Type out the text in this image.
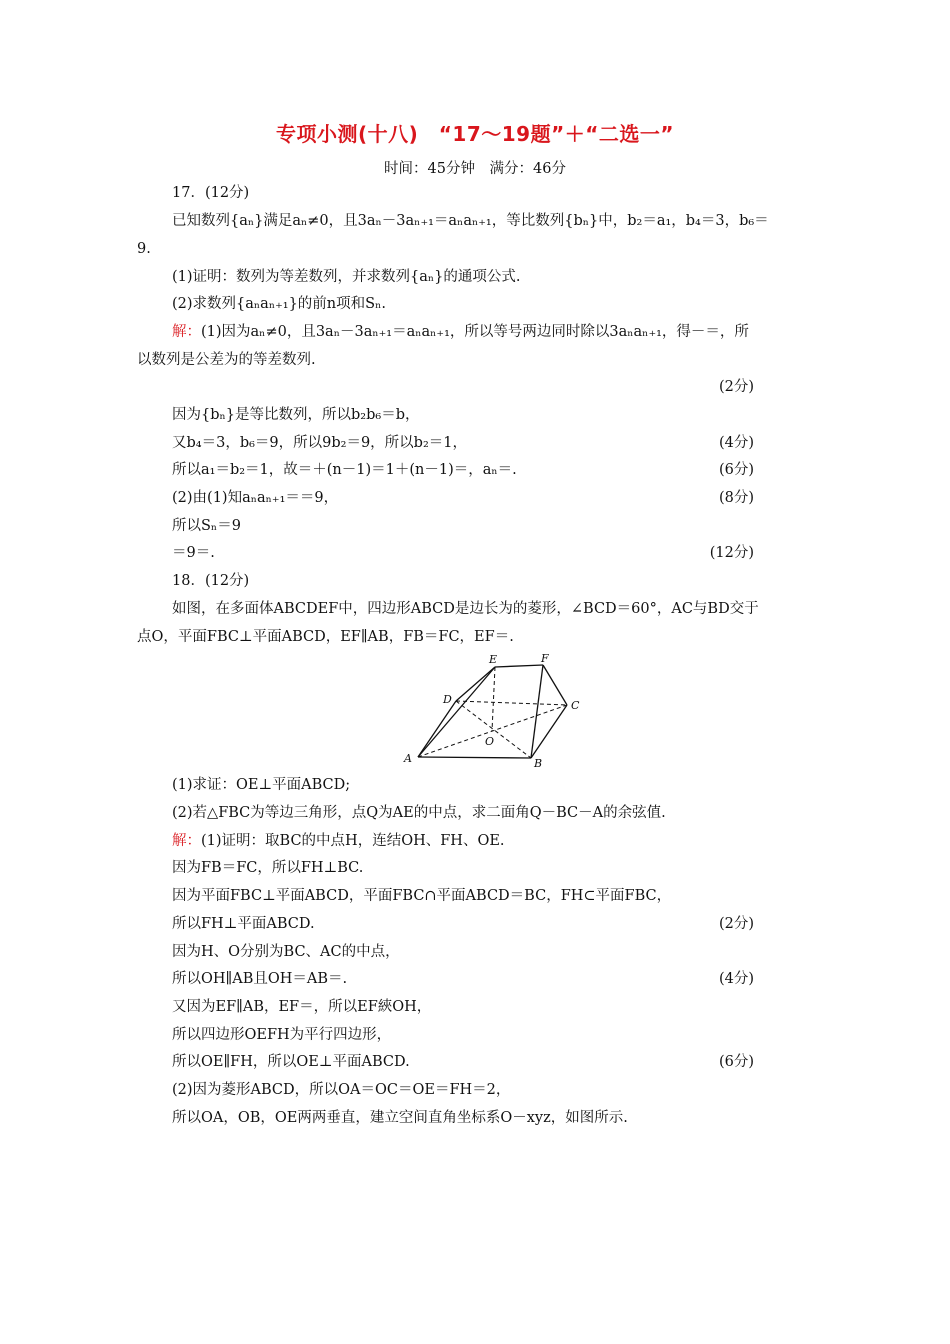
专项小测(十八)　“17～19题”＋“二选一”
时间：45分钟　满分：46分
17．(12分)
已知数列{aₙ}满足aₙ≠0，且3aₙ－3aₙ₊₁＝aₙaₙ₊₁，等比数列{bₙ}中，b₂＝a₁，b₄＝3，b₆＝
9.
(1)证明：数列为等差数列，并求数列{aₙ}的通项公式.
(2)求数列{aₙaₙ₊₁}的前n项和Sₙ.
解：(1)因为aₙ≠0，且3aₙ－3aₙ₊₁＝aₙaₙ₊₁，所以等号两边同时除以3aₙaₙ₊₁，得－＝，所
以数列是公差为的等差数列.
(2分)
因为{bₙ}是等比数列，所以b₂b₆＝b，
又b₄＝3，b₆＝9，所以9b₂＝9，所以b₂＝1，	(4分)
所以a₁＝b₂＝1，故＝＋(n－1)＝1＋(n－1)＝，aₙ＝.	(6分)
(2)由(1)知aₙaₙ₊₁＝＝9，	(8分)
所以Sₙ＝9
＝9＝.	(12分)
18．(12分)
如图，在多面体ABCDEF中，四边形ABCD是边长为的菱形，∠BCD＝60°，AC与BD交于
点O，平面FBC⊥平面ABCD，EF∥AB，FB＝FC，EF＝.
A	B
C
D
E	F
O
(1)求证：OE⊥平面ABCD;
(2)若△FBC为等边三角形，点Q为AE的中点，求二面角Q－BC－A的余弦值.
解：(1)证明：取BC的中点H，连结OH、FH、OE.
因为FB＝FC，所以FH⊥BC.
因为平面FBC⊥平面ABCD，平面FBC∩平面ABCD＝BC，FH⊂平面FBC，
所以FH⊥平面ABCD.	(2分)
因为H、O分别为BC、AC的中点，
所以OH∥AB且OH＝AB＝.	(4分)
又因为EF∥AB，EF＝，所以EF綊OH，
所以四边形OEFH为平行四边形，
所以OE∥FH，所以OE⊥平面ABCD.	(6分)
(2)因为菱形ABCD，所以OA＝OC＝OE＝FH＝2，
所以OA，OB，OE两两垂直，建立空间直角坐标系O－xyz，如图所示.
